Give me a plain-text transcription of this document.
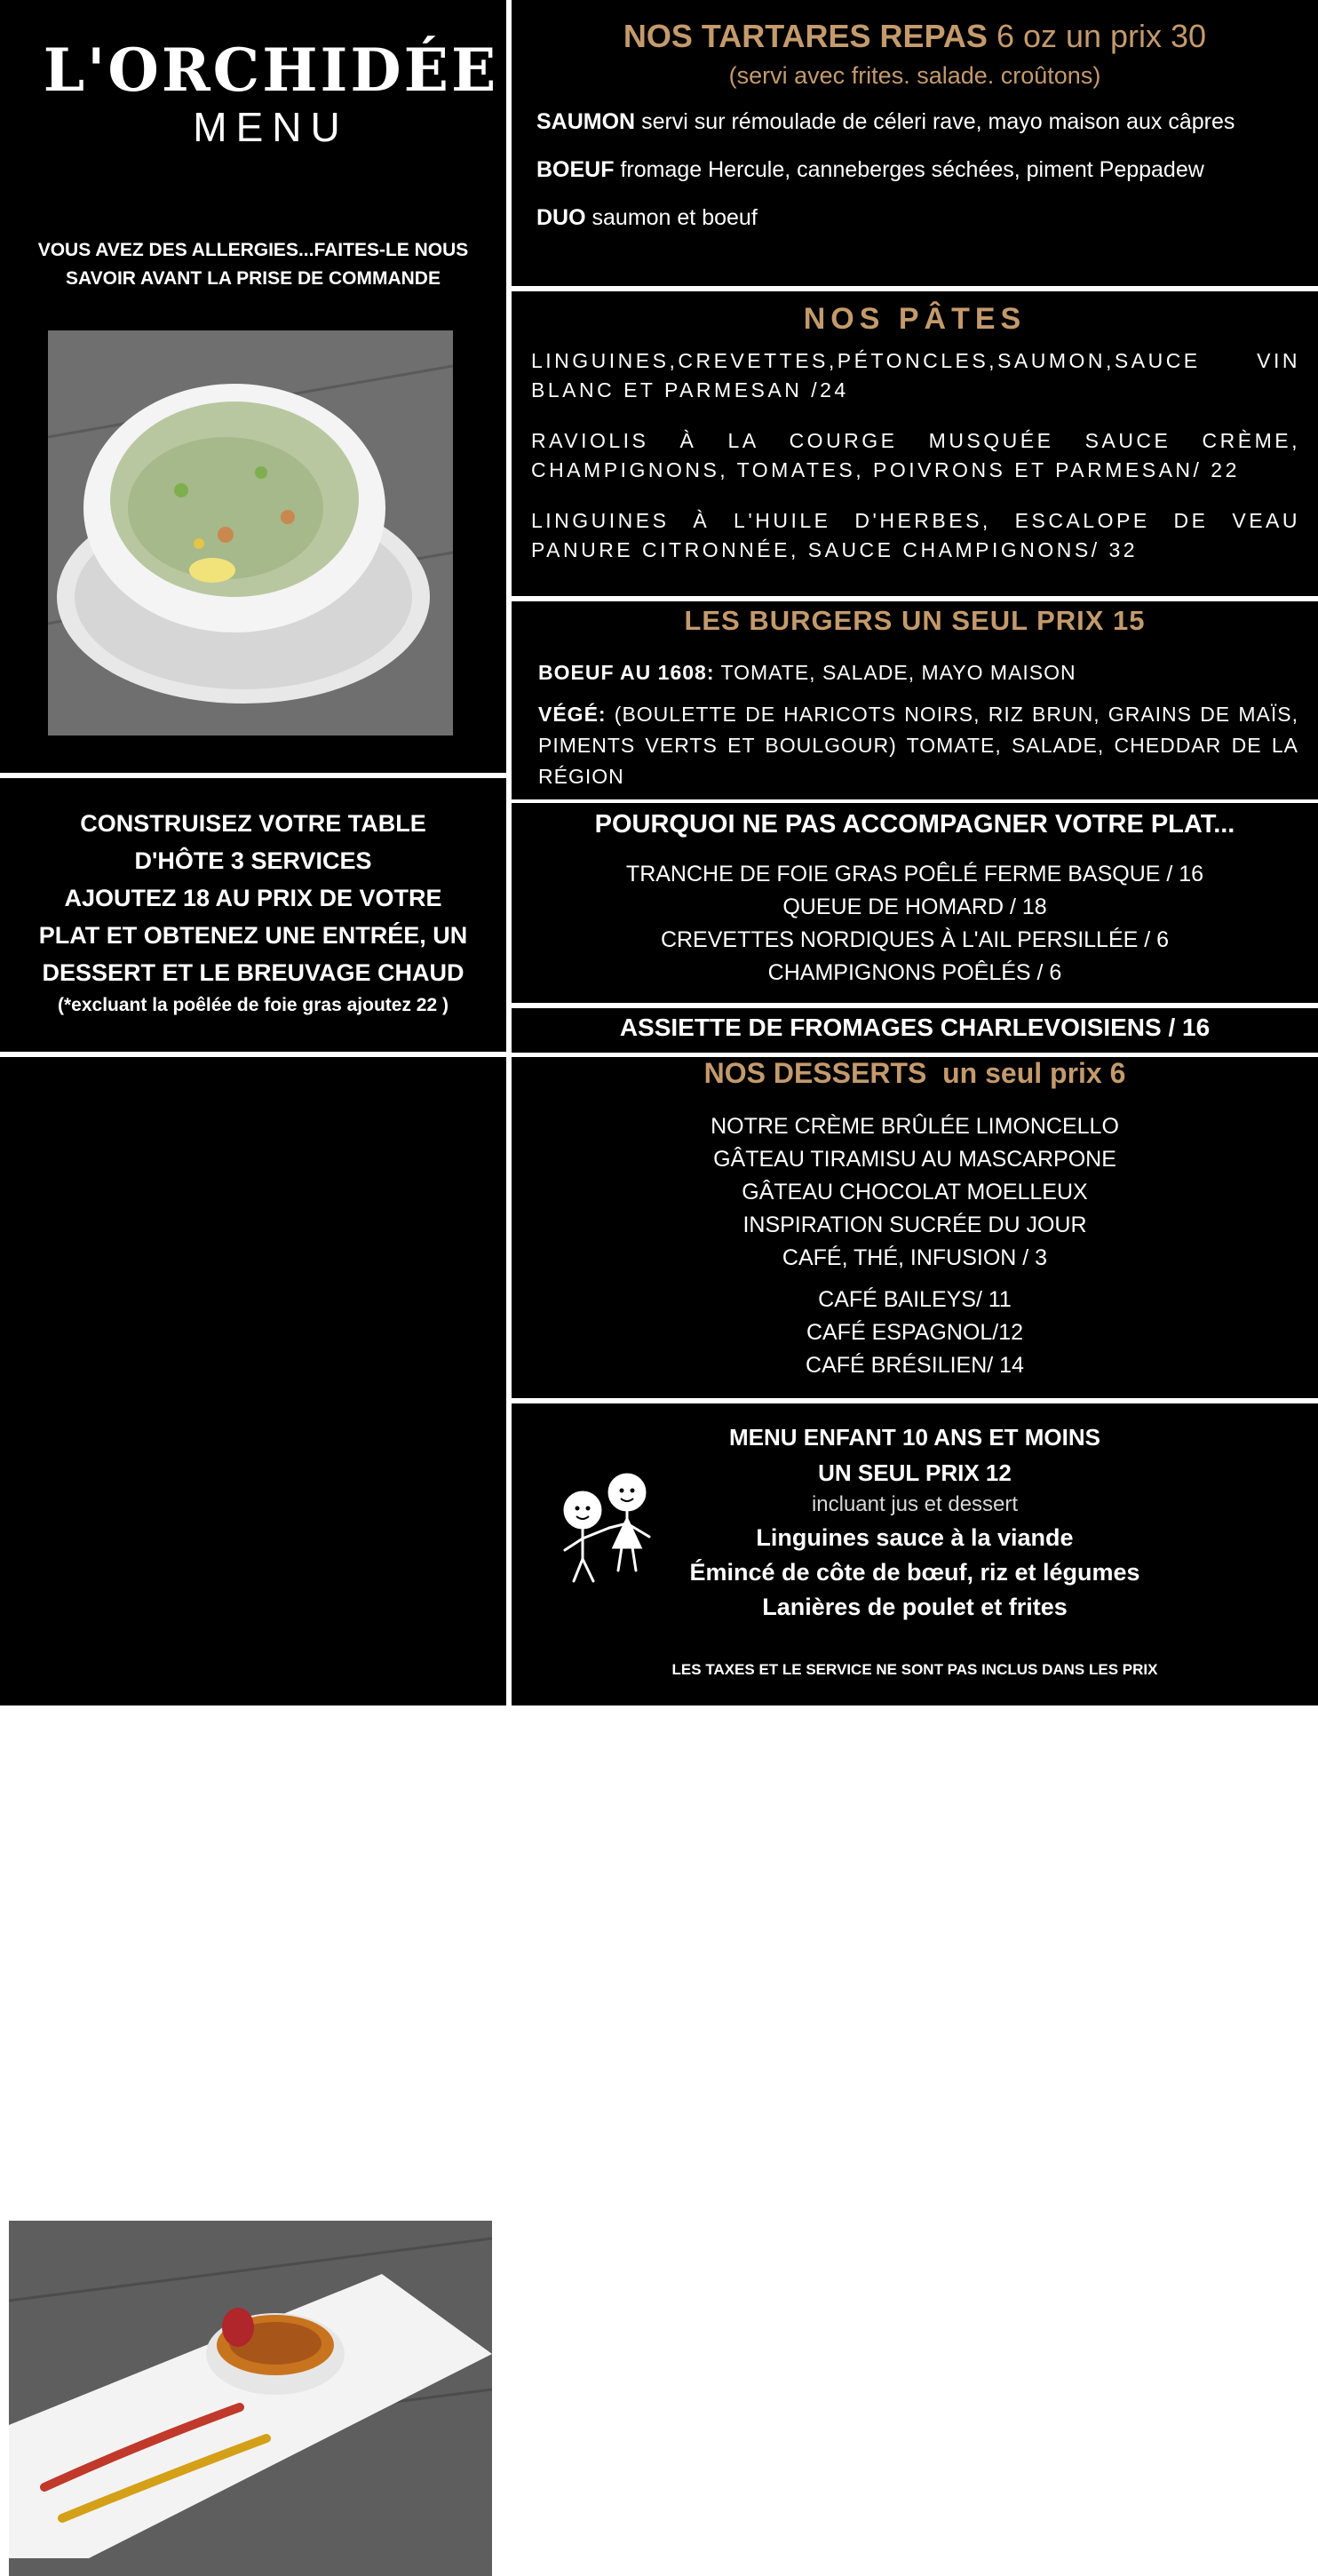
L'ORCHIDÉE
MENU
VOUS AVEZ DES ALLERGIES...FAITES-LE NOUS
SAVOIR AVANT LA PRISE DE COMMANDE
CONSTRUISEZ VOTRE TABLE
D'HÔTE 3 SERVICES
AJOUTEZ 18 AU PRIX DE VOTRE
PLAT ET OBTENEZ UNE ENTRÉE, UN
DESSERT ET LE BREUVAGE CHAUD
(*excluant la poêlée de foie gras ajoutez 22 )
NOS TARTARES REPAS 6 oz un prix 30
(servi avec frites. salade. croûtons)

SAUMON servi sur rémoulade de céleri rave, mayo maison aux câpres

BOEUF fromage Hercule, canneberges séchées, piment Peppadew

DUO saumon et boeuf

NOS PÂTES

LINGUINES,CREVETTES,PÉTONCLES,SAUMON,SAUCE VIN BLANC ET PARMESAN /24

RAVIOLIS À LA COURGE MUSQUÉE SAUCE CRÈME, CHAMPIGNONS, TOMATES, POIVRONS ET PARMESAN/ 22

LINGUINES À L'HUILE D'HERBES, ESCALOPE DE VEAU PANURE CITRONNÉE, SAUCE CHAMPIGNONS/ 32

LES BURGERS UN SEUL PRIX 15

BOEUF AU 1608: TOMATE, SALADE, MAYO MAISON

VÉGÉ: (BOULETTE DE HARICOTS NOIRS, RIZ BRUN, GRAINS DE MAÏS, PIMENTS VERTS ET BOULGOUR) TOMATE, SALADE, CHEDDAR DE LA RÉGION

POURQUOI NE PAS ACCOMPAGNER VOTRE PLAT...
TRANCHE DE FOIE GRAS POÊLÉ FERME BASQUE / 16
QUEUE DE HOMARD / 18
CREVETTES NORDIQUES À L'AIL PERSILLÉE / 6
CHAMPIGNONS POÊLÉS / 6
ASSIETTE DE FROMAGES CHARLEVOISIENS / 16
NOS DESSERTS  un seul prix 6
NOTRE CRÈME BRÛLÉE LIMONCELLO
GÂTEAU TIRAMISU AU MASCARPONE
GÂTEAU CHOCOLAT MOELLEUX
INSPIRATION SUCRÉE DU JOUR
CAFÉ, THÉ, INFUSION / 3
CAFÉ BAILEYS/ 11
CAFÉ ESPAGNOL/12
CAFÉ BRÉSILIEN/ 14
MENU ENFANT 10 ANS ET MOINS
UN SEUL PRIX 12
incluant jus et dessert
Linguines sauce à la viande
Émincé de côte de bœuf, riz et légumes
Lanières de poulet et frites
LES TAXES ET LE SERVICE NE SONT PAS INCLUS DANS LES PRIX
